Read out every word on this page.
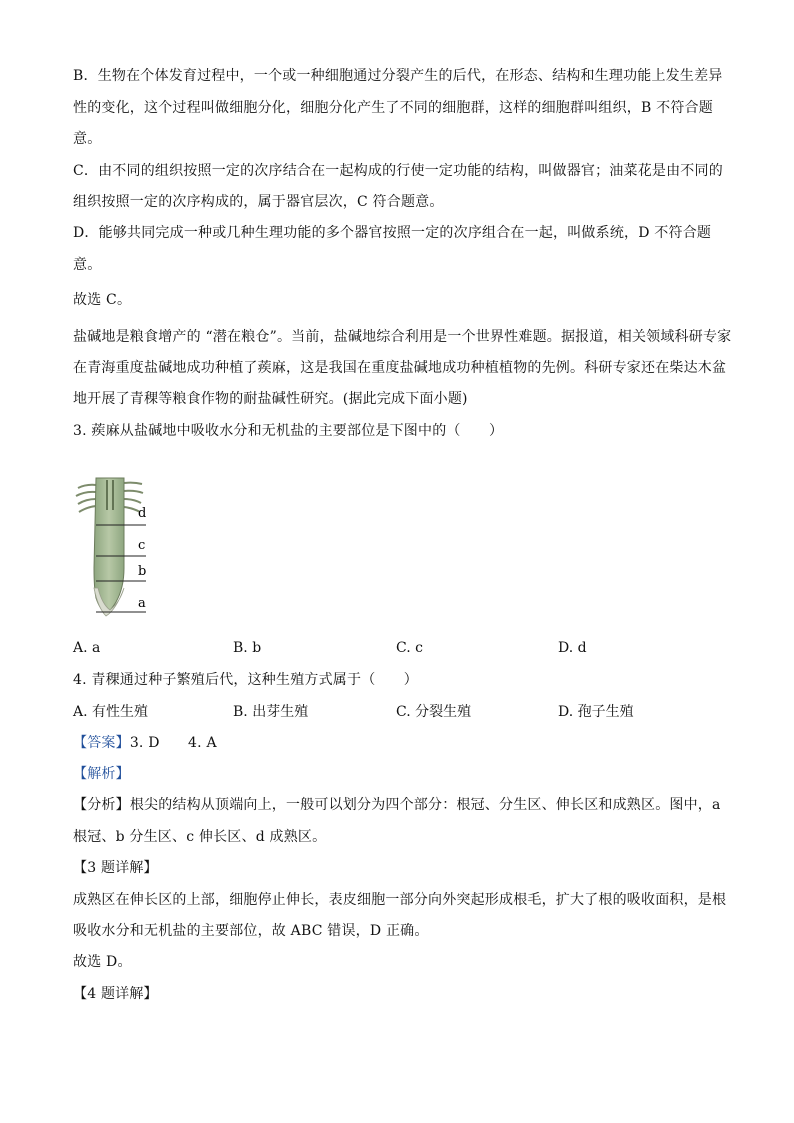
B．生物在个体发育过程中，一个或一种细胞通过分裂产生的后代，在形态、结构和生理功能上发生差异
性的变化，这个过程叫做细胞分化，细胞分化产生了不同的细胞群，这样的细胞群叫组织，B 不符合题
意。
C．由不同的组织按照一定的次序结合在一起构成的行使一定功能的结构，叫做器官；油菜花是由不同的
组织按照一定的次序构成的，属于器官层次，C 符合题意。
D．能够共同完成一种或几种生理功能的多个器官按照一定的次序组合在一起，叫做系统，D 不符合题
意。
故选 C。
盐碱地是粮食增产的 “潜在粮仓”。当前，盐碱地综合利用是一个世界性难题。据报道，相关领域科研专家
在青海重度盐碱地成功种植了蒺麻，这是我国在重度盐碱地成功种植植物的先例。科研专家还在柴达木盆
地开展了青稞等粮食作物的耐盐碱性研究。(据此完成下面小题)
3. 蒺麻从盐碱地中吸收水分和无机盐的主要部位是下图中的（　　）
d
c
b
a
A. a	B. b	C. c	D. d
4. 青稞通过种子繁殖后代，这种生殖方式属于（　　）
A. 有性生殖	B. 出芽生殖	C. 分裂生殖	D. 孢子生殖
【答案】3. D　　4. A
【解析】
【分析】根尖的结构从顶端向上，一般可以划分为四个部分：根冠、分生区、伸长区和成熟区。图中，a
根冠、b 分生区、c 伸长区、d 成熟区。
【3 题详解】
成熟区在伸长区的上部，细胞停止伸长，表皮细胞一部分向外突起形成根毛，扩大了根的吸收面积，是根
吸收水分和无机盐的主要部位，故 ABC 错误，D 正确。
故选 D。
【4 题详解】
